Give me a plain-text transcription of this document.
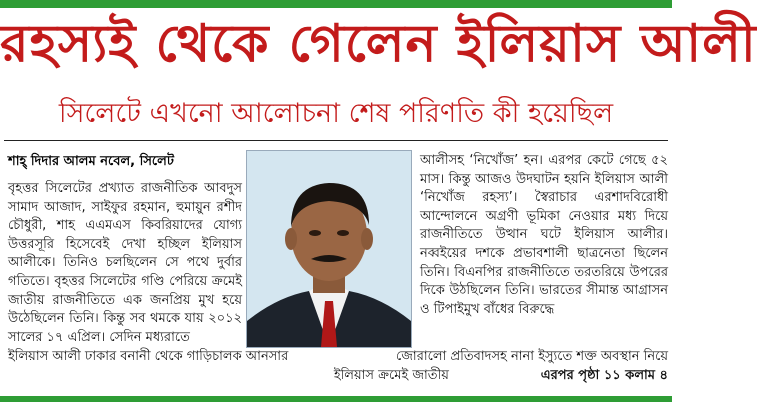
রহস্যই থেকে গেলেন ইলিয়াস আলী
সিলেটে এখনো আলোচনা শেষ পরিণতি কী হয়েছিল
শাহ্ দিদার আলম নবেল, সিলেট

বৃহত্তর সিলেটের প্রখ্যাত রাজনীতিক আবদুস সামাদ আজাদ, সাইফুর রহমান, হুমায়ুন রশীদ চৌধুরী, শাহ এএমএস কিবরিয়াদের যোগ্য উত্তরসূরি হিসেবেই দেখা হচ্ছিল ইলিয়াস আলীকে। তিনিও চলছিলেন সে পথে দুর্বার গতিতে। বৃহত্তর সিলেটের গণ্ডি পেরিয়ে ক্রমেই জাতীয় রাজনীতিতে এক জনপ্রিয় মুখ হয়ে উঠেছিলেন তিনি। কিন্তু সব থমকে যায় ২০১২ সালের ১৭ এপ্রিল। সেদিন মধ্যরাতে

আলীসহ ‘নিখোঁজ’ হন। এরপর কেটে গেছে ৫২ মাস। কিন্তু আজও উদঘাটন হয়নি ইলিয়াস আলী ‘নিখোঁজ রহস্য’। স্বৈরাচার এরশাদবিরোধী আন্দোলনে অগ্রণী ভূমিকা নেওয়ার মধ্য দিয়ে রাজনীতিতে উত্থান ঘটে ইলিয়াস আলীর। নব্বইয়ের দশকে প্রভাবশালী ছাত্রনেতা ছিলেন তিনি। বিএনপির রাজনীতিতে তরতরিয়ে উপরের দিকে উঠছিলেন তিনি। ভারতের সীমান্ত আগ্রাসন ও টিপাইমুখ বাঁধের বিরুদ্ধে

ইলিয়াস আলী ঢাকার বনানী থেকে গাড়িচালক আনসার	জোরালো প্রতিবাদসহ নানা ইস্যুতে শক্ত অবস্থান নিয়ে
ইলিয়াস ক্রমেই জাতীয়	এরপর পৃষ্ঠা ১১ কলাম ৪
